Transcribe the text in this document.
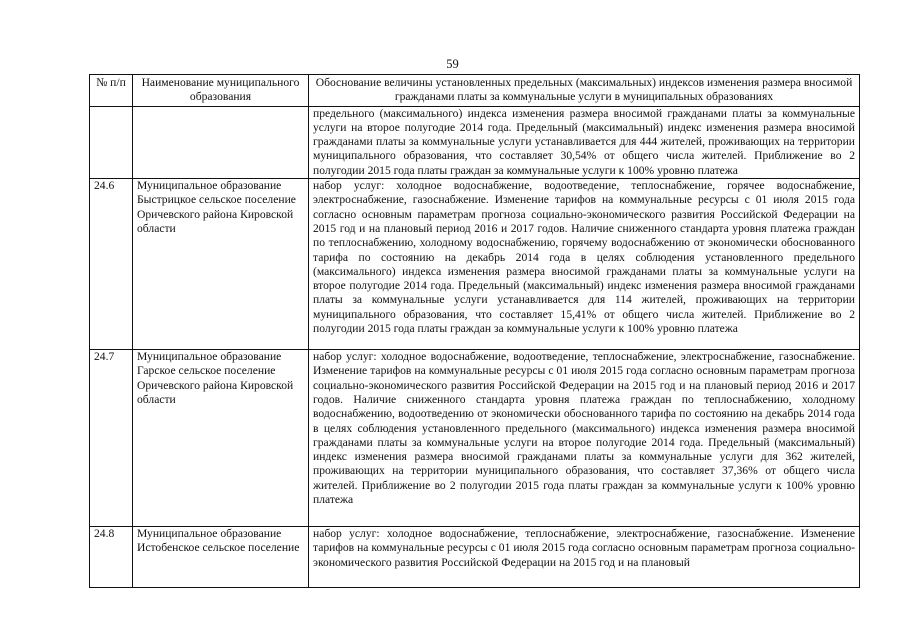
59
№ п/п	Наименование муниципального образования	Обоснование величины установленных предельных (максимальных) индексов изменения размера вносимой гражданами платы за коммунальные услуги в муниципальных образованиях
		предельного (максимального) индекса изменения размера вносимой гражданами платы за коммунальные услуги на второе полугодие 2014 года. Предельный (максимальный) индекс изменения размера вносимой гражданами платы за коммунальные услуги устанавливается для 444 жителей, проживающих на территории муниципального образования, что составляет 30,54% от общего числа жителей. Приближение во 2 полугодии 2015 года платы граждан за коммунальные услуги к 100% уровню платежа
24.6	Муниципальное образование Быстрицкое сельское поселение Оричевского района Кировской области	набор услуг: холодное водоснабжение, водоотведение, теплоснабжение, горячее водоснабжение, электроснабжение, газоснабжение. Изменение тарифов на коммунальные ресурсы с 01 июля 2015 года согласно основным параметрам прогноза социально-экономического развития Российской Федерации на 2015 год и на плановый период 2016 и 2017 годов. Наличие сниженного стандарта уровня платежа граждан по теплоснабжению, холодному водоснабжению, горячему водоснабжению от экономически обоснованного тарифа по состоянию на декабрь 2014 года в целях соблюдения установленного предельного (максимального) индекса изменения размера вносимой гражданами платы за коммунальные услуги на второе полугодие 2014 года. Предельный (максимальный) индекс изменения размера вносимой гражданами платы за коммунальные услуги устанавливается для 114 жителей, проживающих на территории муниципального образования, что составляет 15,41% от общего числа жителей. Приближение во 2 полугодии 2015 года платы граждан за коммунальные услуги к 100% уровню платежа
24.7	Муниципальное образование Гарское сельское поселение Оричевского района Кировской области	набор услуг: холодное водоснабжение, водоотведение, теплоснабжение, электроснабжение, газоснабжение. Изменение тарифов на коммунальные ресурсы с 01 июля 2015 года согласно основным параметрам прогноза социально-экономического развития Российской Федерации на 2015 год и на плановый период 2016 и 2017 годов. Наличие сниженного стандарта уровня платежа граждан по теплоснабжению, холодному водоснабжению, водоотведению от экономически обоснованного тарифа по состоянию на декабрь 2014 года в целях соблюдения установленного предельного (максимального) индекса изменения размера вносимой гражданами платы за коммунальные услуги на второе полугодие 2014 года. Предельный (максимальный) индекс изменения размера вносимой гражданами платы за коммунальные услуги для 362 жителей, проживающих на территории муниципального образования, что составляет 37,36% от общего числа жителей. Приближение во 2 полугодии 2015 года платы граждан за коммунальные услуги к 100% уровню платежа
24.8	Муниципальное образование Истобенское сельское поселение	набор услуг: холодное водоснабжение, теплоснабжение, электроснабжение, газоснабжение. Изменение тарифов на коммунальные ресурсы с 01 июля 2015 года согласно основным параметрам прогноза социально-экономического развития Российской Федерации на 2015 год и на плановый
